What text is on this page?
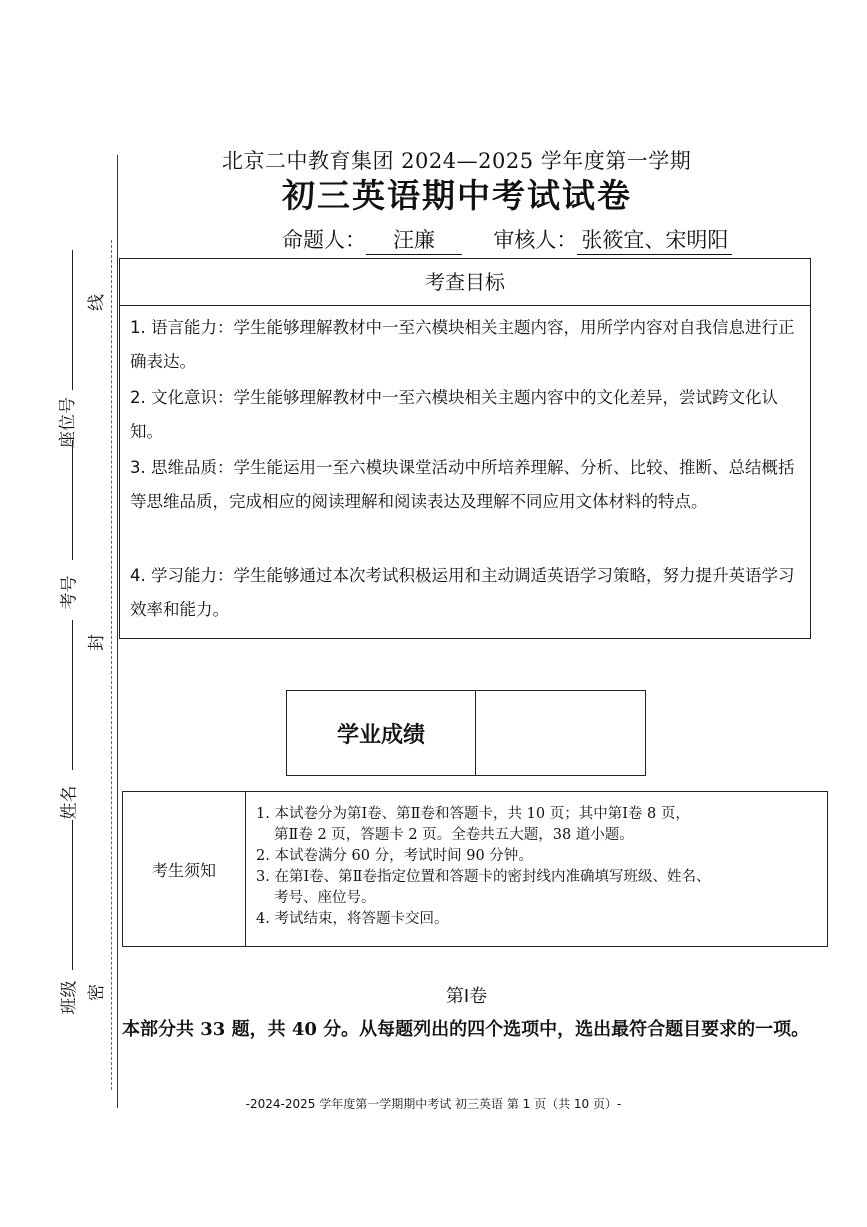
线
座位号
考号
封
姓名
班级 密
北京二中教育集团 2024—2025 学年度第一学期
初三英语期中考试试卷
命题人： 汪廉	审核人： 张筱宜、宋明阳
考查目标
1. 语言能力：学生能够理解教材中一至六模块相关主题内容，用所学内容对自我信息进行正确表达。
2. 文化意识：学生能够理解教材中一至六模块相关主题内容中的文化差异，尝试跨文化认知。
3. 思维品质：学生能运用一至六模块课堂活动中所培养理解、分析、比较、推断、总结概括等思维品质，完成相应的阅读理解和阅读表达及理解不同应用文体材料的特点。
4. 学习能力：学生能够通过本次考试积极运用和主动调适英语学习策略，努力提升英语学习效率和能力。
学业成绩
考生须知
1. 本试卷分为第Ⅰ卷、第Ⅱ卷和答题卡，共 10 页；其中第Ⅰ卷 8 页，
第Ⅱ卷 2 页，答题卡 2 页。全卷共五大题，38 道小题。
2. 本试卷满分 60 分，考试时间 90 分钟。
3. 在第Ⅰ卷、第Ⅱ卷指定位置和答题卡的密封线内准确填写班级、姓名、
考号、座位号。
4. 考试结束，将答题卡交回。
第Ⅰ卷
本部分共 33 题，共 40 分。从每题列出的四个选项中，选出最符合题目要求的一项。
-2024-2025 学年度第一学期期中考试 初三英语 第 1 页（共 10 页）-
